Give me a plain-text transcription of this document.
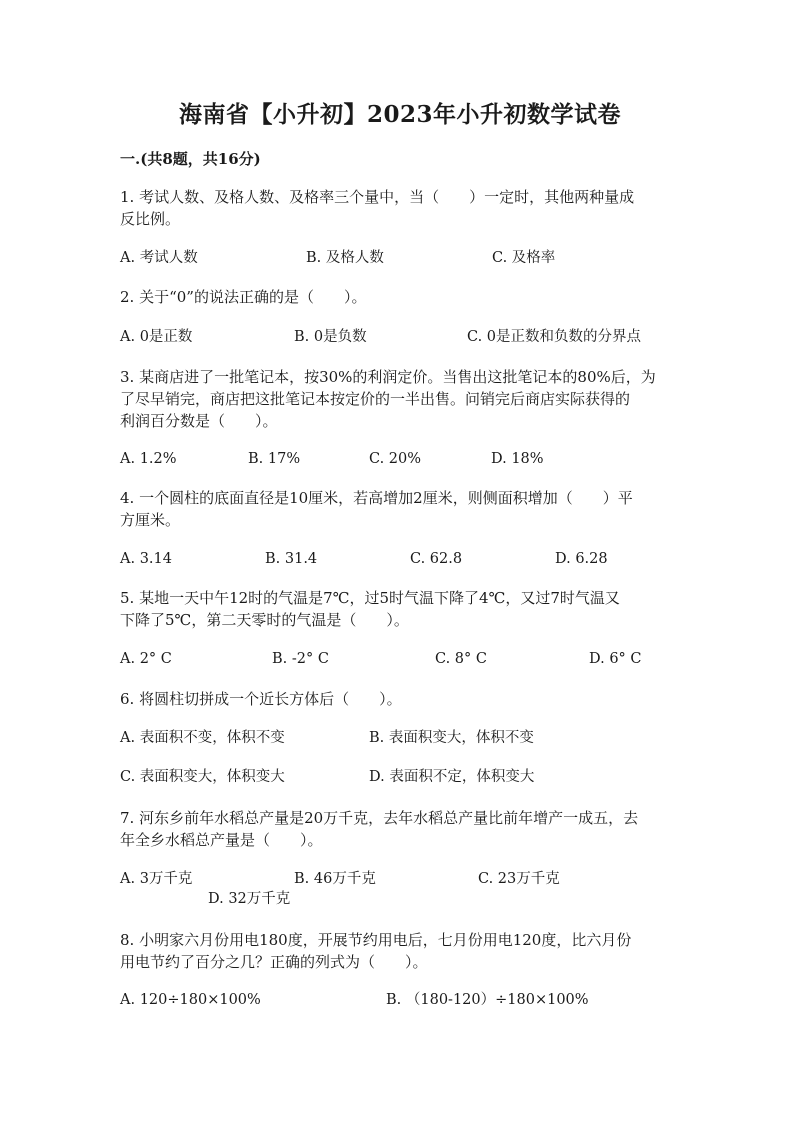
海南省【小升初】2023年小升初数学试卷
一.(共8题，共16分)
1. 考试人数、及格人数、及格率三个量中，当（　　）一定时，其他两种量成
反比例。
A. 考试人数	B. 及格人数	C. 及格率
2. 关于“0”的说法正确的是（　　）。
A. 0是正数	B. 0是负数	C. 0是正数和负数的分界点
3. 某商店进了一批笔记本，按30%的利润定价。当售出这批笔记本的80%后，为
了尽早销完，商店把这批笔记本按定价的一半出售。问销完后商店实际获得的
利润百分数是（　　）。
A. 1.2%	B. 17%	C. 20%	D. 18%
4. 一个圆柱的底面直径是10厘米，若高增加2厘米，则侧面积增加（　　）平
方厘米。
A. 3.14	B. 31.4	C. 62.8	D. 6.28
5. 某地一天中午12时的气温是7℃，过5时气温下降了4℃，又过7时气温又
下降了5℃，第二天零时的气温是（　　）。
A. 2° C	B. -2° C	C. 8° C	D. 6° C
6. 将圆柱切拼成一个近长方体后（　　）。
A. 表面积不变，体积不变	B. 表面积变大，体积不变
C. 表面积变大，体积变大	D. 表面积不定，体积变大
7. 河东乡前年水稻总产量是20万千克，去年水稻总产量比前年增产一成五，去
年全乡水稻总产量是（　　）。
A. 3万千克	B. 46万千克	C. 23万千克
D. 32万千克
8. 小明家六月份用电180度，开展节约用电后，七月份用电120度，比六月份
用电节约了百分之几？正确的列式为（　　）。
A. 120÷180×100%	B. （180-120）÷180×100%
